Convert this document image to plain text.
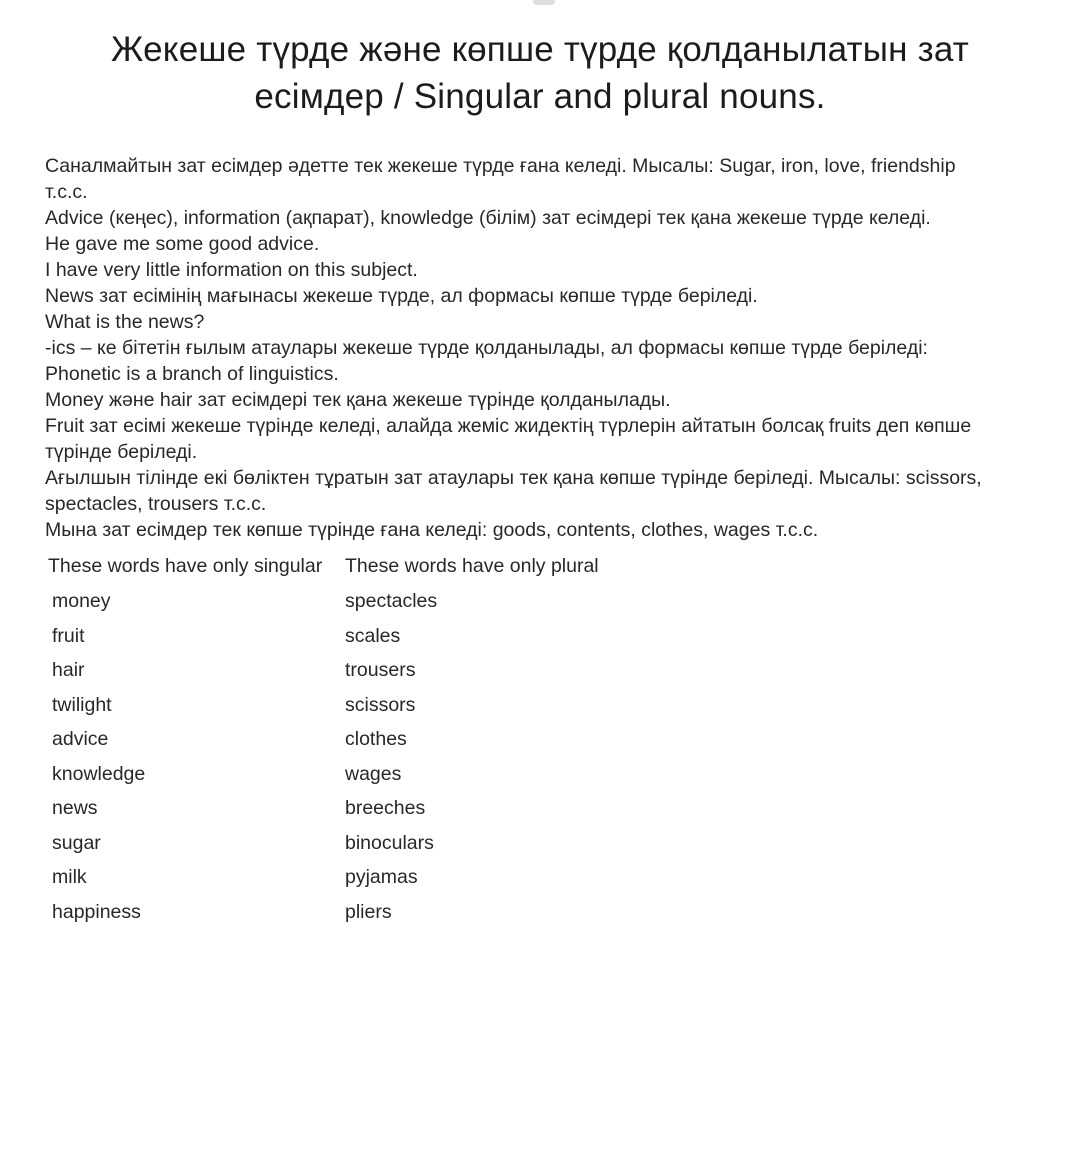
Жекеше түрде және көпше түрде қолданылатын зат
есімдер / Singular and plural nouns.
Саналмайтын зат есімдер әдетте тек жекеше түрде ғана келеді. Мысалы: Sugar, iron, love, friendship
т.с.с.
Advice (кеңес), information (ақпарат), knowledge (білім) зат есімдері тек қана жекеше түрде келеді.
He gave me some good advice.
I have very little information on this subject.
News зат есімінің мағынасы жекеше түрде, ал формасы көпше түрде беріледі.
What is the news?
-ics – ке бітетін ғылым атаулары жекеше түрде қолданылады, ал формасы көпше түрде беріледі:
Phonetic is a branch of linguistics.
Money және hair зат есімдері тек қана жекеше түрінде қолданылады.
Fruit зат есімі жекеше түрінде келеді, алайда жеміс жидектің түрлерін айтатын болсақ fruits деп көпше
түрінде беріледі.
Ағылшын тілінде екі бөліктен тұратын зат атаулары тек қана көпше түрінде беріледі. Мысалы: scissors,
spectacles, trousers т.с.с.
Мына зат есімдер тек көпше түрінде ғана келеді: goods, contents, clothes, wages т.с.с.
These words have only singular	These words have only plural
money	spectacles
fruit	scales
hair	trousers
twilight	scissors
advice	clothes
knowledge	wages
news	breeches
sugar	binoculars
milk	pyjamas
happiness	pliers
